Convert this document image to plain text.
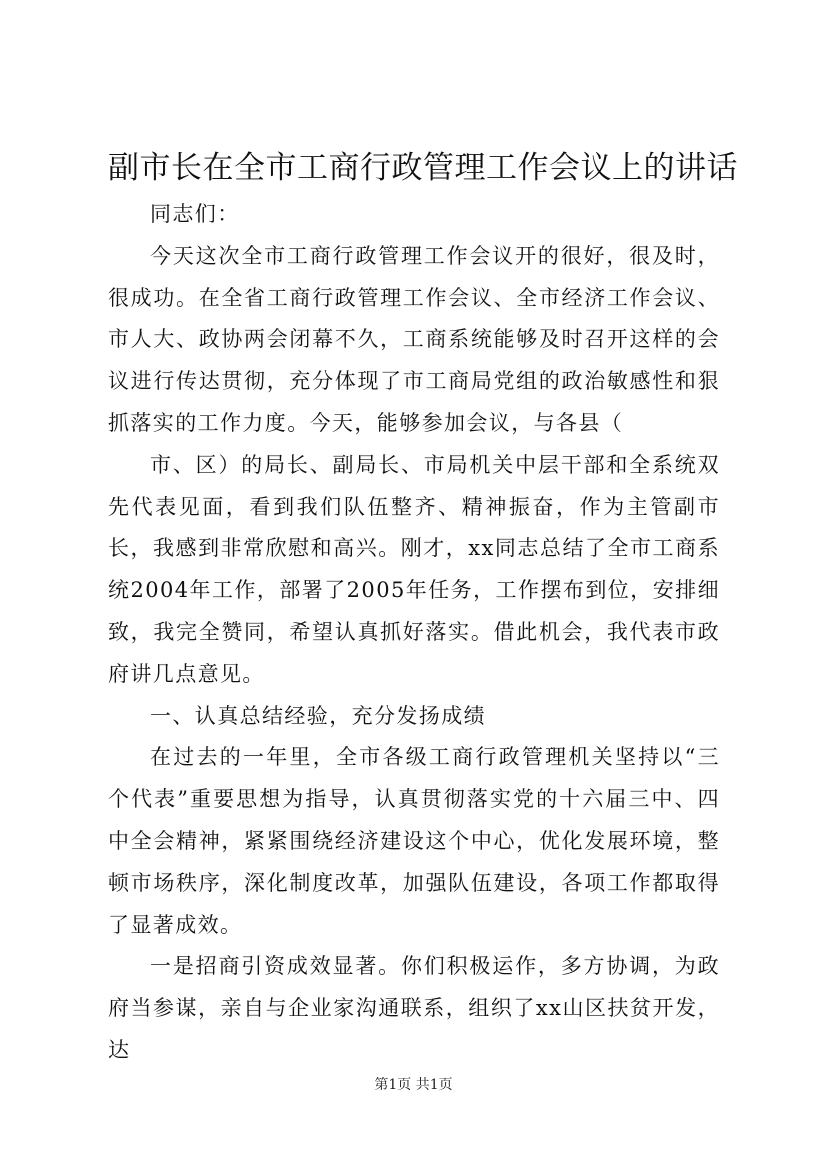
副市长在全市工商行政管理工作会议上的讲话

同志们：

今天这次全市工商行政管理工作会议开的很好，很及时，很成功。在全省工商行政管理工作会议、全市经济工作会议、市人大、政协两会闭幕不久，工商系统能够及时召开这样的会议进行传达贯彻，充分体现了市工商局党组的政治敏感性和狠抓落实的工作力度。今天，能够参加会议，与各县（

市、区）的局长、副局长、市局机关中层干部和全系统双先代表见面，看到我们队伍整齐、精神振奋，作为主管副市长，我感到非常欣慰和高兴。刚才，xx同志总结了全市工商系统2004年工作，部署了2005年任务，工作摆布到位，安排细致，我完全赞同，希望认真抓好落实。借此机会，我代表市政府讲几点意见。

一、认真总结经验，充分发扬成绩

在过去的一年里，全市各级工商行政管理机关坚持以“三个代表”重要思想为指导，认真贯彻落实党的十六届三中、四中全会精神，紧紧围绕经济建设这个中心，优化发展环境，整顿市场秩序，深化制度改革，加强队伍建设，各项工作都取得了显著成效。

一是招商引资成效显著。你们积极运作，多方协调，为政府当参谋，亲自与企业家沟通联系，组织了xx山区扶贫开发，达

第1页 共1页
